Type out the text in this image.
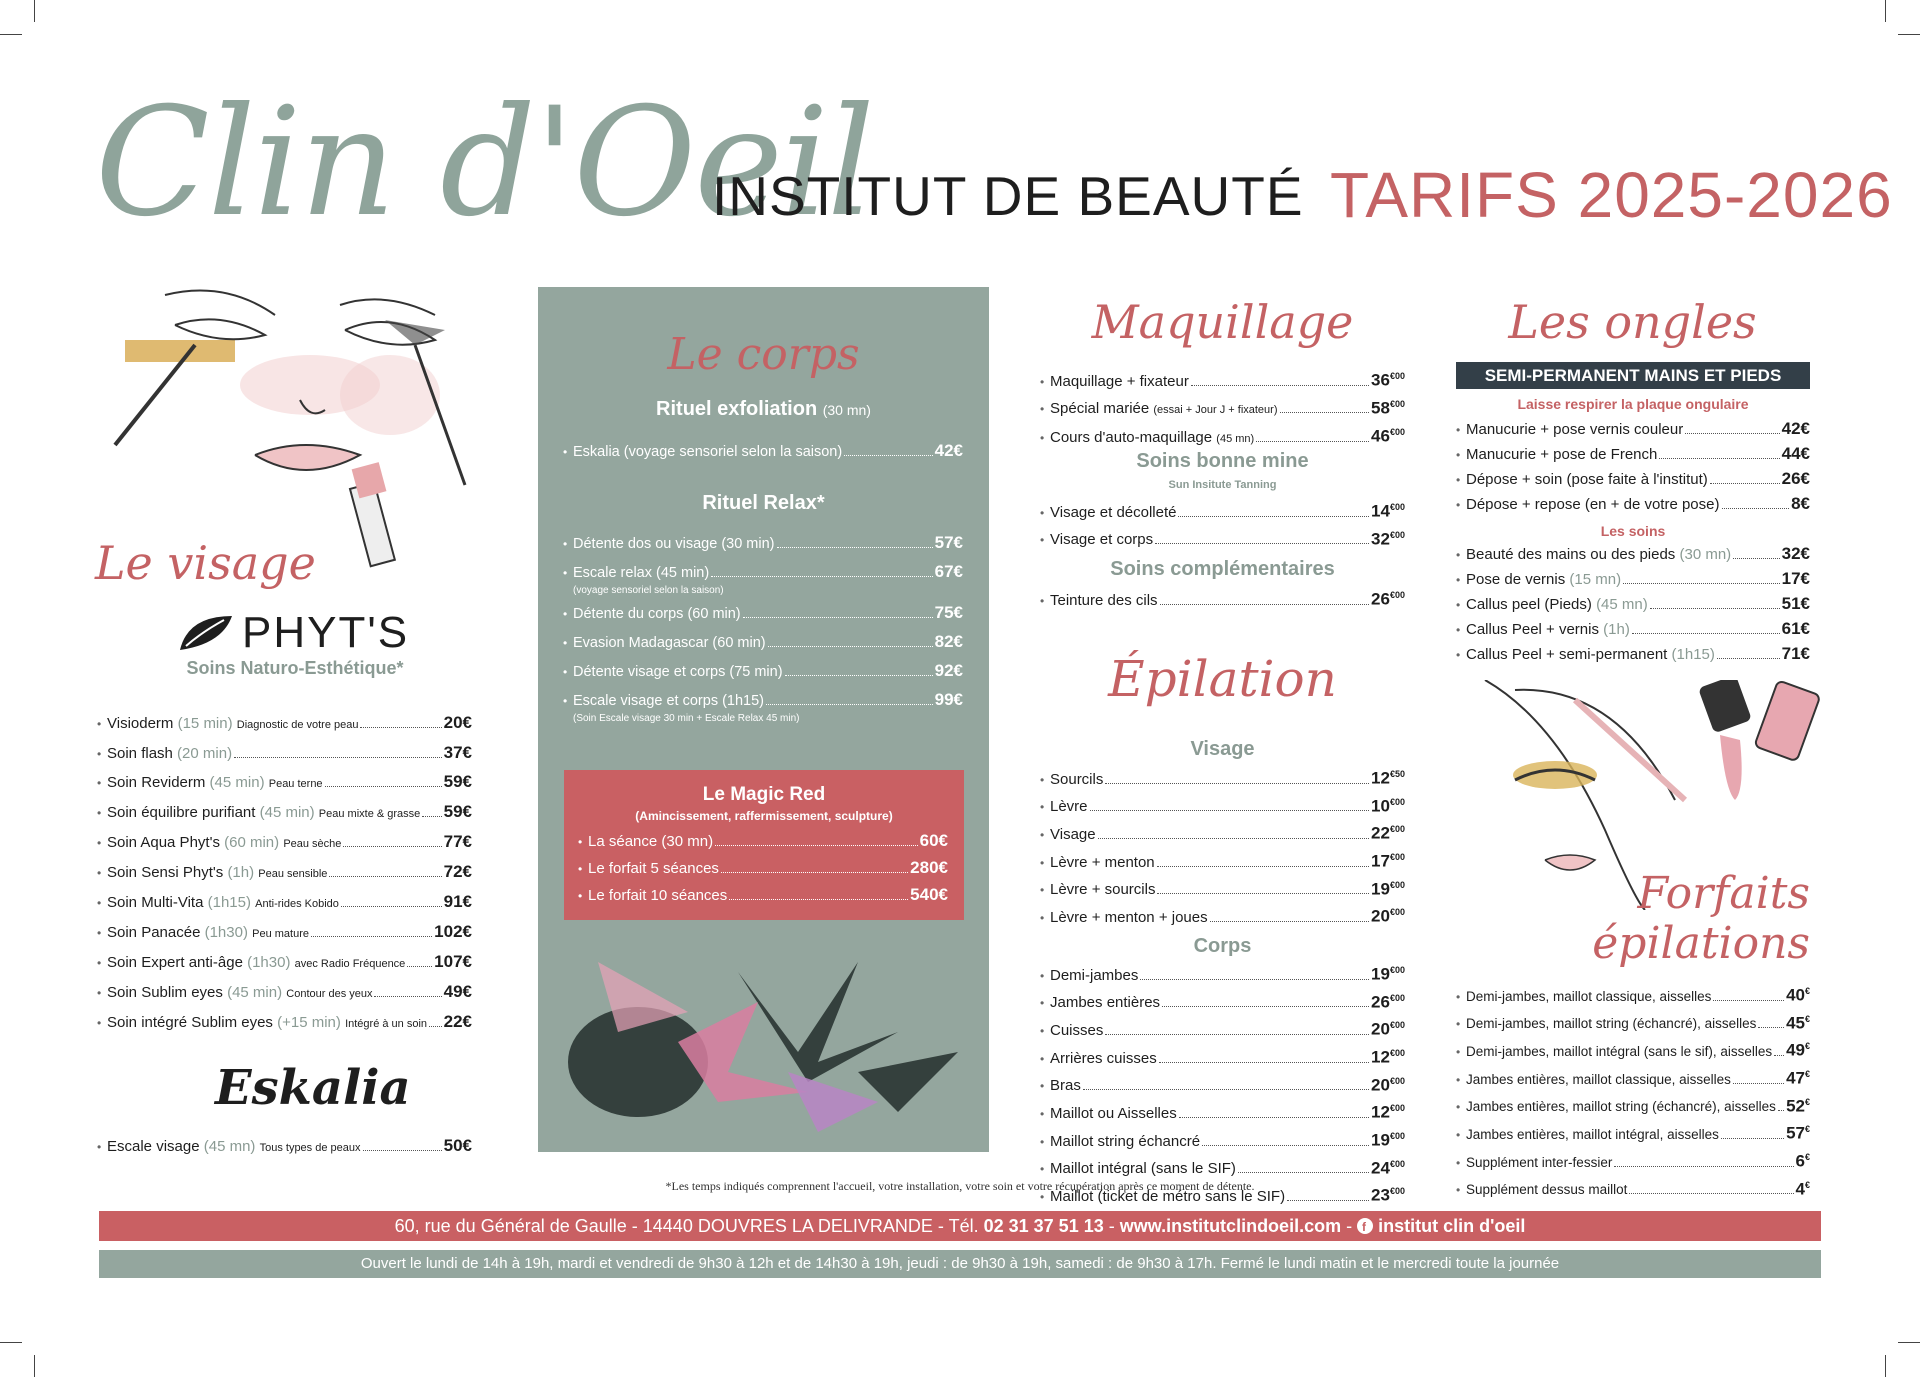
Clin d'Oeil
INSTITUT DE BEAUTÉ TARIFS 2025-2026
Le visage
PHYT'S
Soins Naturo-Esthétique*
• Visioderm (15 min) Diagnostic de votre peau	20€
• Soin flash (20 min)	37€
• Soin Reviderm (45 min) Peau terne	59€
• Soin équilibre purifiant (45 min) Peau mixte & grasse 59€
• Soin Aqua Phyt's (60 min) Peau sèche	77€
• Soin Sensi Phyt's (1h) Peau sensible	72€
• Soin Multi-Vita (1h15) Anti-rides Kobido	91€
• Soin Panacée (1h30) Peu mature	102€
• Soin Expert anti-âge (1h30) avec Radio Fréquence 107€
• Soin Sublim eyes (45 min) Contour des yeux	49€
• Soin intégré Sublim eyes (+15 min) Intégré à un soin 22€
Eskalia
• Escale visage (45 mn) Tous types de peaux	50€
Le corps
Rituel exfoliation (30 mn)
• Eskalia (voyage sensoriel selon la saison)	42€
Rituel Relax*
• Détente dos ou visage (30 min)	57€
• Escale relax (45 min)	67€
(voyage sensoriel selon la saison)
• Détente du corps (60 min)	75€
• Evasion Madagascar (60 min)	82€
• Détente visage et corps (75 min)	92€
• Escale visage et corps (1h15)	99€
(Soin Escale visage 30 min + Escale Relax 45 min)
Le Magic Red
(Amincissement, raffermissement, sculpture)
• La séance (30 mn)	60€
• Le forfait 5 séances	280€
• Le forfait 10 séances	540€
Maquillage
• Maquillage + fixateur	$36^{€00}$
• Spécial mariée (essai + Jour J + fixateur)	$58^{€00}$
• Cours d'auto-maquillage (45 mn)	$46^{€00}$
Soins bonne mine
Sun Insitute Tanning
• Visage et décolleté	$14^{€00}$
• Visage et corps	$32^{€00}$
Soins complémentaires
• Teinture des cils	$26^{€00}$
Épilation
Visage
• Sourcils	$12^{€50}$
• Lèvre	$10^{€00}$
• Visage	$22^{€00}$
• Lèvre + menton	$17^{€00}$
• Lèvre + sourcils	$19^{€00}$
• Lèvre + menton + joues	$20^{€00}$
Corps
• Demi-jambes	$19^{€00}$
• Jambes entières	$26^{€00}$
• Cuisses	$20^{€00}$
• Arrières cuisses	$12^{€00}$
• Bras	$20^{€00}$
• Maillot ou Aisselles	$12^{€00}$
• Maillot string échancré	$19^{€00}$
• Maillot intégral (sans le SIF)	$24^{€00}$
• Maillot (ticket de métro sans le SIF)	$23^{€00}$
Les ongles
SEMI-PERMANENT MAINS ET PIEDS
Laisse respirer la plaque ongulaire
• Manucurie + pose vernis couleur	42€
• Manucurie + pose de French	44€
• Dépose + soin (pose faite à l'institut)	26€
• Dépose + repose (en + de votre pose)	8€
Les soins
• Beauté des mains ou des pieds (30 mn)	32€
• Pose de vernis (15 mn)	17€
• Callus peel (Pieds) (45 mn)	51€
• Callus Peel + vernis (1h)	61€
• Callus Peel + semi-permanent (1h15)	71€
Forfaits
épilations
• Demi-jambes, maillot classique, aisselles	40€
• Demi-jambes, maillot string (échancré), aisselles 45€
• Demi-jambes, maillot intégral (sans le sif), aisselles 49€
• Jambes entières, maillot classique, aisselles	47€
• Jambes entières, maillot string (échancré), aisselles 52€
• Jambes entières, maillot intégral, aisselles	57€
• Supplément inter-fessier	6€
• Supplément dessus maillot	4€
*Les temps indiqués comprennent l'accueil, votre installation, votre soin et votre récupération après ce moment de détente.
60, rue du Général de Gaulle - 14440 DOUVRES LA DELIVRANDE - Tél. 02 31 37 51 13 - www.institutclindoeil.com - f institut clin d'oeil
Ouvert le lundi de 14h à 19h, mardi et vendredi de 9h30 à 12h et de 14h30 à 19h, jeudi : de 9h30 à 19h, samedi : de 9h30 à 17h. Fermé le lundi matin et le mercredi toute la journée
